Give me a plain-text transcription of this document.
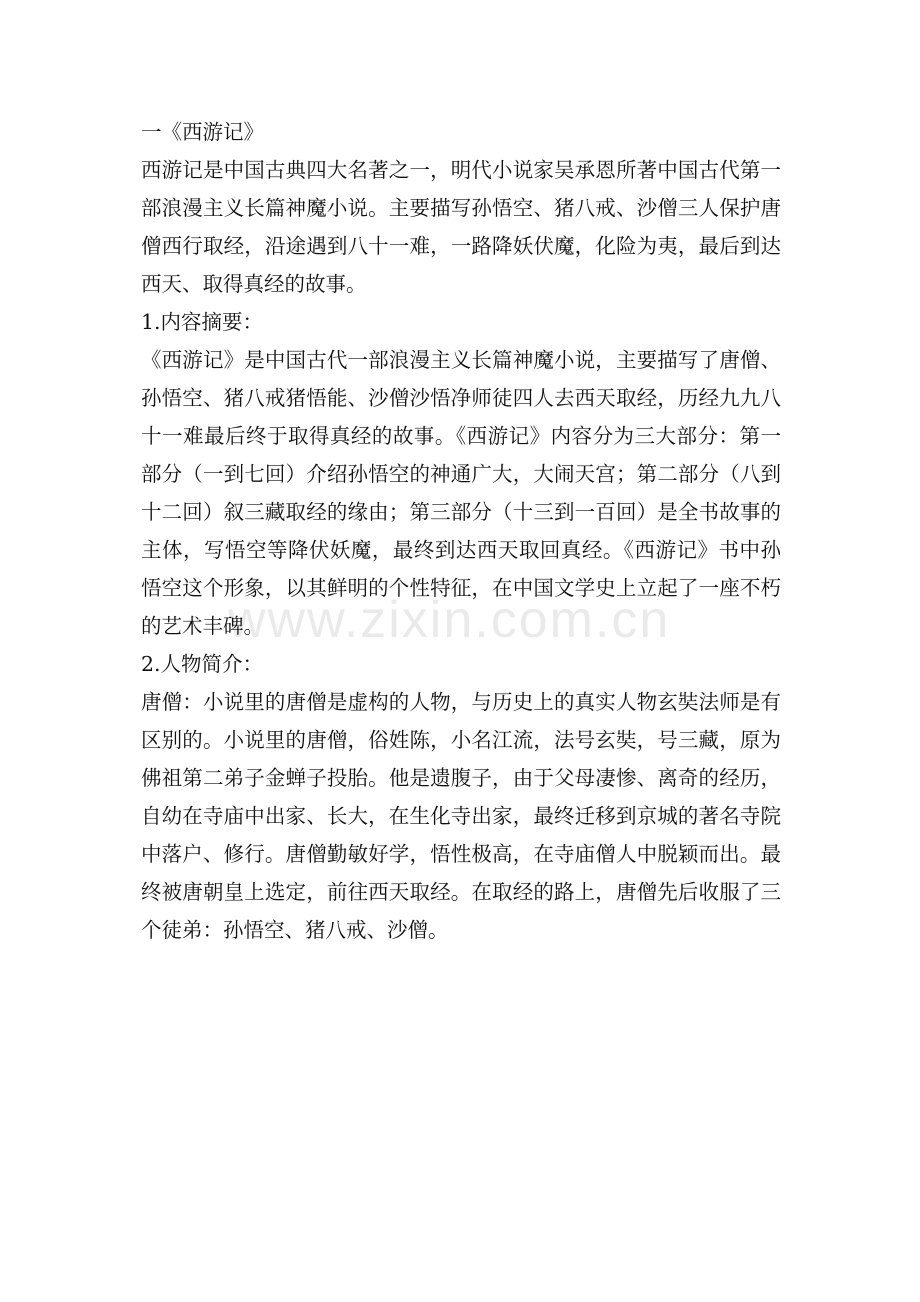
一《西游记》

西游记是中国古典四大名著之一，明代小说家吴承恩所著中国古代第一部浪漫主义长篇神魔小说。主要描写孙悟空、猪八戒、沙僧三人保护唐僧西行取经，沿途遇到八十一难，一路降妖伏魔，化险为夷，最后到达西天、取得真经的故事。

1.内容摘要：

《西游记》是中国古代一部浪漫主义长篇神魔小说，主要描写了唐僧、孙悟空、猪八戒猪悟能、沙僧沙悟净师徒四人去西天取经，历经九九八十一难最后终于取得真经的故事。《西游记》内容分为三大部分：第一部分（一到七回）介绍孙悟空的神通广大，大闹天宫；第二部分（八到十二回）叙三藏取经的缘由；第三部分（十三到一百回）是全书故事的主体，写悟空等降伏妖魔，最终到达西天取回真经。《西游记》书中孙悟空这个形象，以其鲜明的个性特征，在中国文学史上立起了一座不朽的艺术丰碑。

2.人物简介：

唐僧：小说里的唐僧是虚构的人物，与历史上的真实人物玄奘法师是有区别的。小说里的唐僧，俗姓陈，小名江流，法号玄奘，号三藏，原为佛祖第二弟子金蝉子投胎。他是遗腹子，由于父母凄惨、离奇的经历，自幼在寺庙中出家、长大，在生化寺出家，最终迁移到京城的著名寺院中落户、修行。唐僧勤敏好学，悟性极高，在寺庙僧人中脱颖而出。最终被唐朝皇上选定，前往西天取经。在取经的路上，唐僧先后收服了三个徒弟：孙悟空、猪八戒、沙僧。

www.zixin.com.cn
